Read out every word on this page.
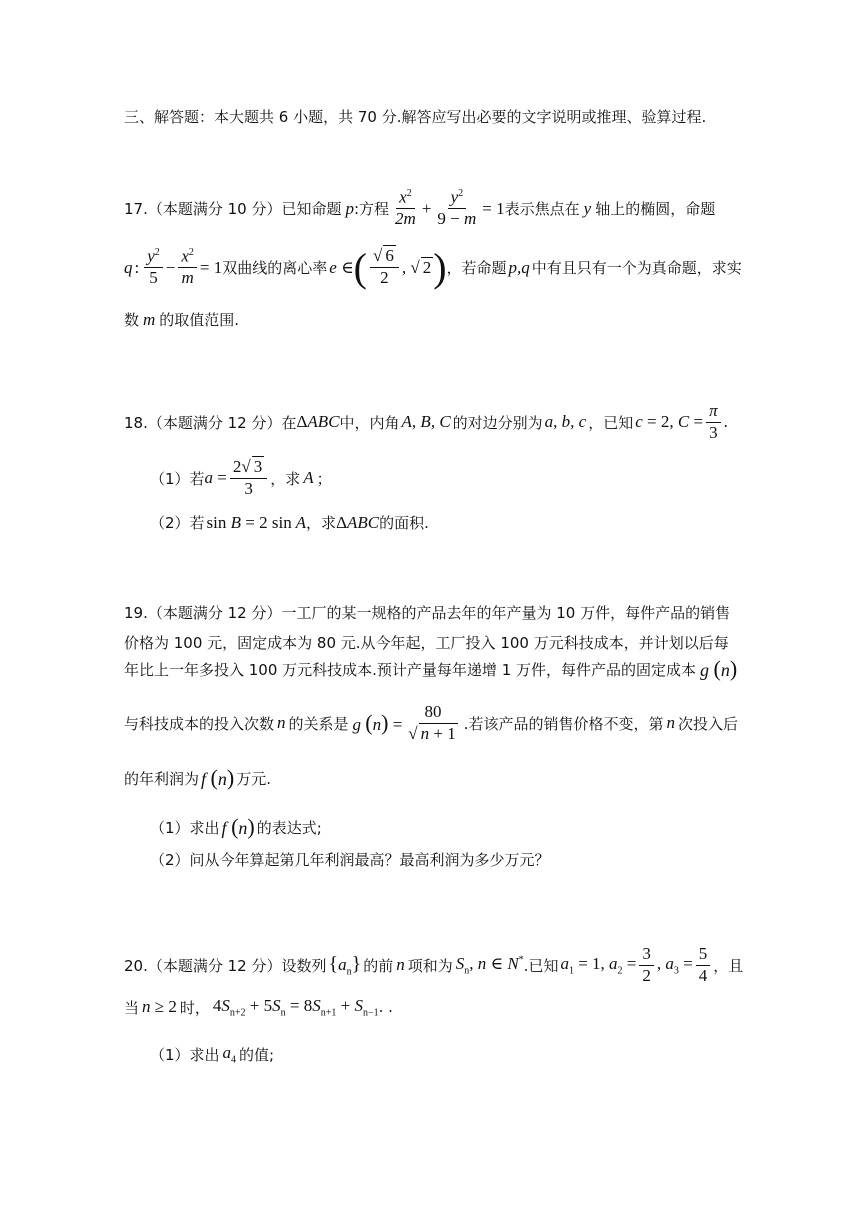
三、解答题：本大题共 6 小题，共 70 分.解答应写出必要的文字说明或推理、验算过程.
17.（本题满分 10 分）已知命题 p :方程 $\frac{x^2}{2m} + \frac{y^2}{9 - m} = 1$ 表示焦点在 y 轴上的椭圆，命题
q : $\frac{y^2}{5} - \frac{x^2}{m} = 1$ 双曲线的离心率 e ∈ ( $\frac{√ 6}{2}$ , √ 2 ) ，若命题 p,q 中有且只有一个为真命题，求实
数 m 的取值范围.
18.（本题满分 12 分）在 ΔABC 中，内角 A, B, C 的对边分别为 a, b, c ，已知 c = 2, $C = \frac{\pi}{3}$ .
（1）若 $a = \frac{2√ 3}{3}$ ，求 A ；
（2）若 sin B = 2 sin A ，求 ΔABC 的面积.
19.（本题满分 12 分）一工厂的某一规格的产品去年的年产量为 10 万件，每件产品的销售
价格为 100 元，固定成本为 80 元.从今年起，工厂投入 100 万元科技成本，并计划以后每
年比上一年多投入 100 万元科技成本.预计产量每年递增 1 万件，每件产品的固定成本 g (n)
与科技成本的投入次数 n 的关系是 g $(n) = \frac{80}{√ n + 1}$ .若该产品的销售价格不变，第 n 次投入后
的年利润为 f (n) 万元.
（1）求出 f (n) 的表达式;
（2）问从今年算起第几年利润最高？最高利润为多少万元？
20.（本题满分 12 分）设数列 $\{a_n\}$ 的前 n 项和为 $S_n$, n ∈ N* .已知 $a_1 = 1$, $a_2 = \frac{3}{2}$ , $a_3 = \frac{5}{4}$ ，且
当 n ≥ 2 时， $4S_{n+2} + 5S_n = 8S_{n+1} + S_{n-1}$ . .
（1）求出 $a_4$ 的值;
